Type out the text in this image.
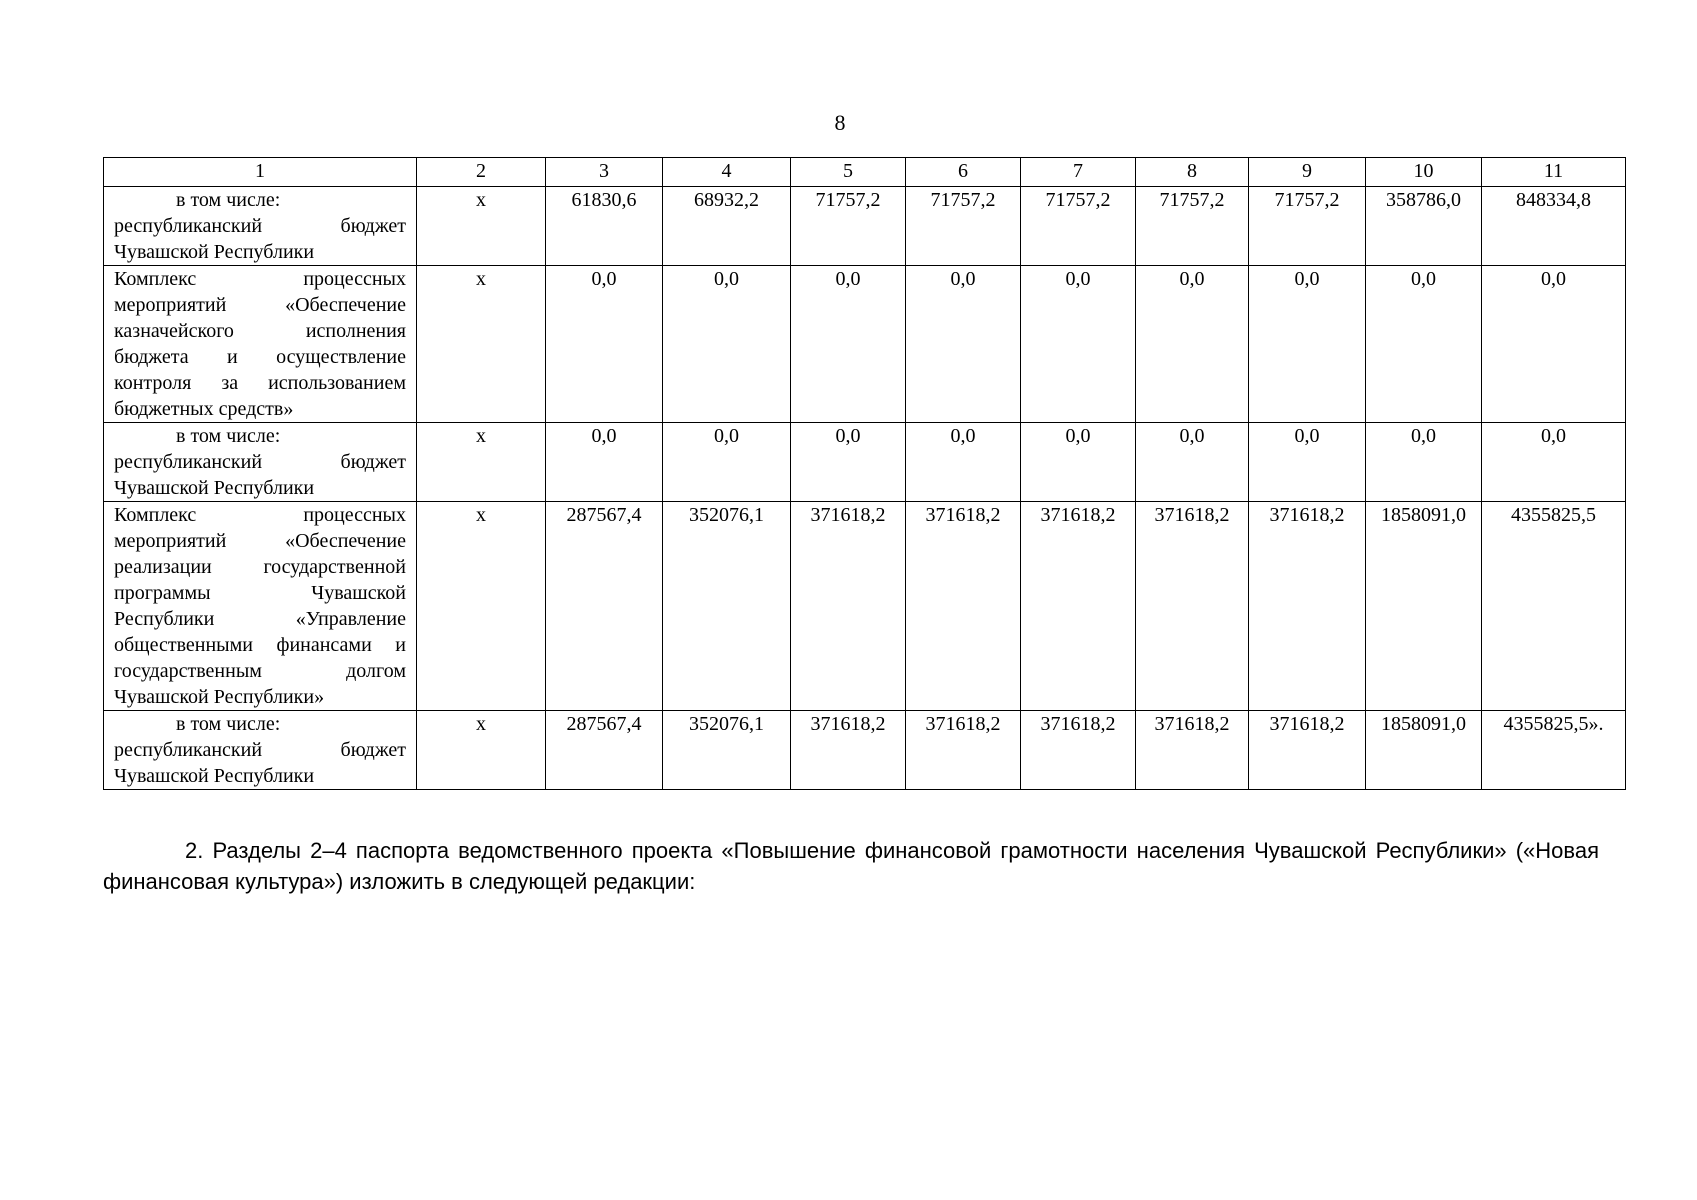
8
1	2	3	4	5	6	7	8	9	10	11

в том числе:
республиканский бюджет Чувашской Республики	х	61830,6	68932,2	71757,2	71757,2	71757,2	71757,2	71757,2	358786,0	848334,8
Комплекс процессных мероприятий «Обеспечение казначейского исполнения бюджета и осуществление контроля за использованием бюджетных средств»	х	0,0	0,0	0,0	0,0	0,0	0,0	0,0	0,0	0,0

в том числе:
республиканский бюджет Чувашской Республики	х	0,0	0,0	0,0	0,0	0,0	0,0	0,0	0,0	0,0
Комплекс процессных мероприятий «Обеспечение реализации государственной программы Чувашской Республики «Управление общественными финансами и государственным долгом Чувашской Республики»	х	287567,4	352076,1	371618,2	371618,2	371618,2	371618,2	371618,2	1858091,0	4355825,5

в том числе:
республиканский бюджет Чувашской Республики	х	287567,4	352076,1	371618,2	371618,2	371618,2	371618,2	371618,2	1858091,0	4355825,5».

2. Разделы 2–4 паспорта ведомственного проекта «Повышение финансовой грамотности населения Чувашской Республики» («Новая финансовая культура») изложить в следующей редакции:
